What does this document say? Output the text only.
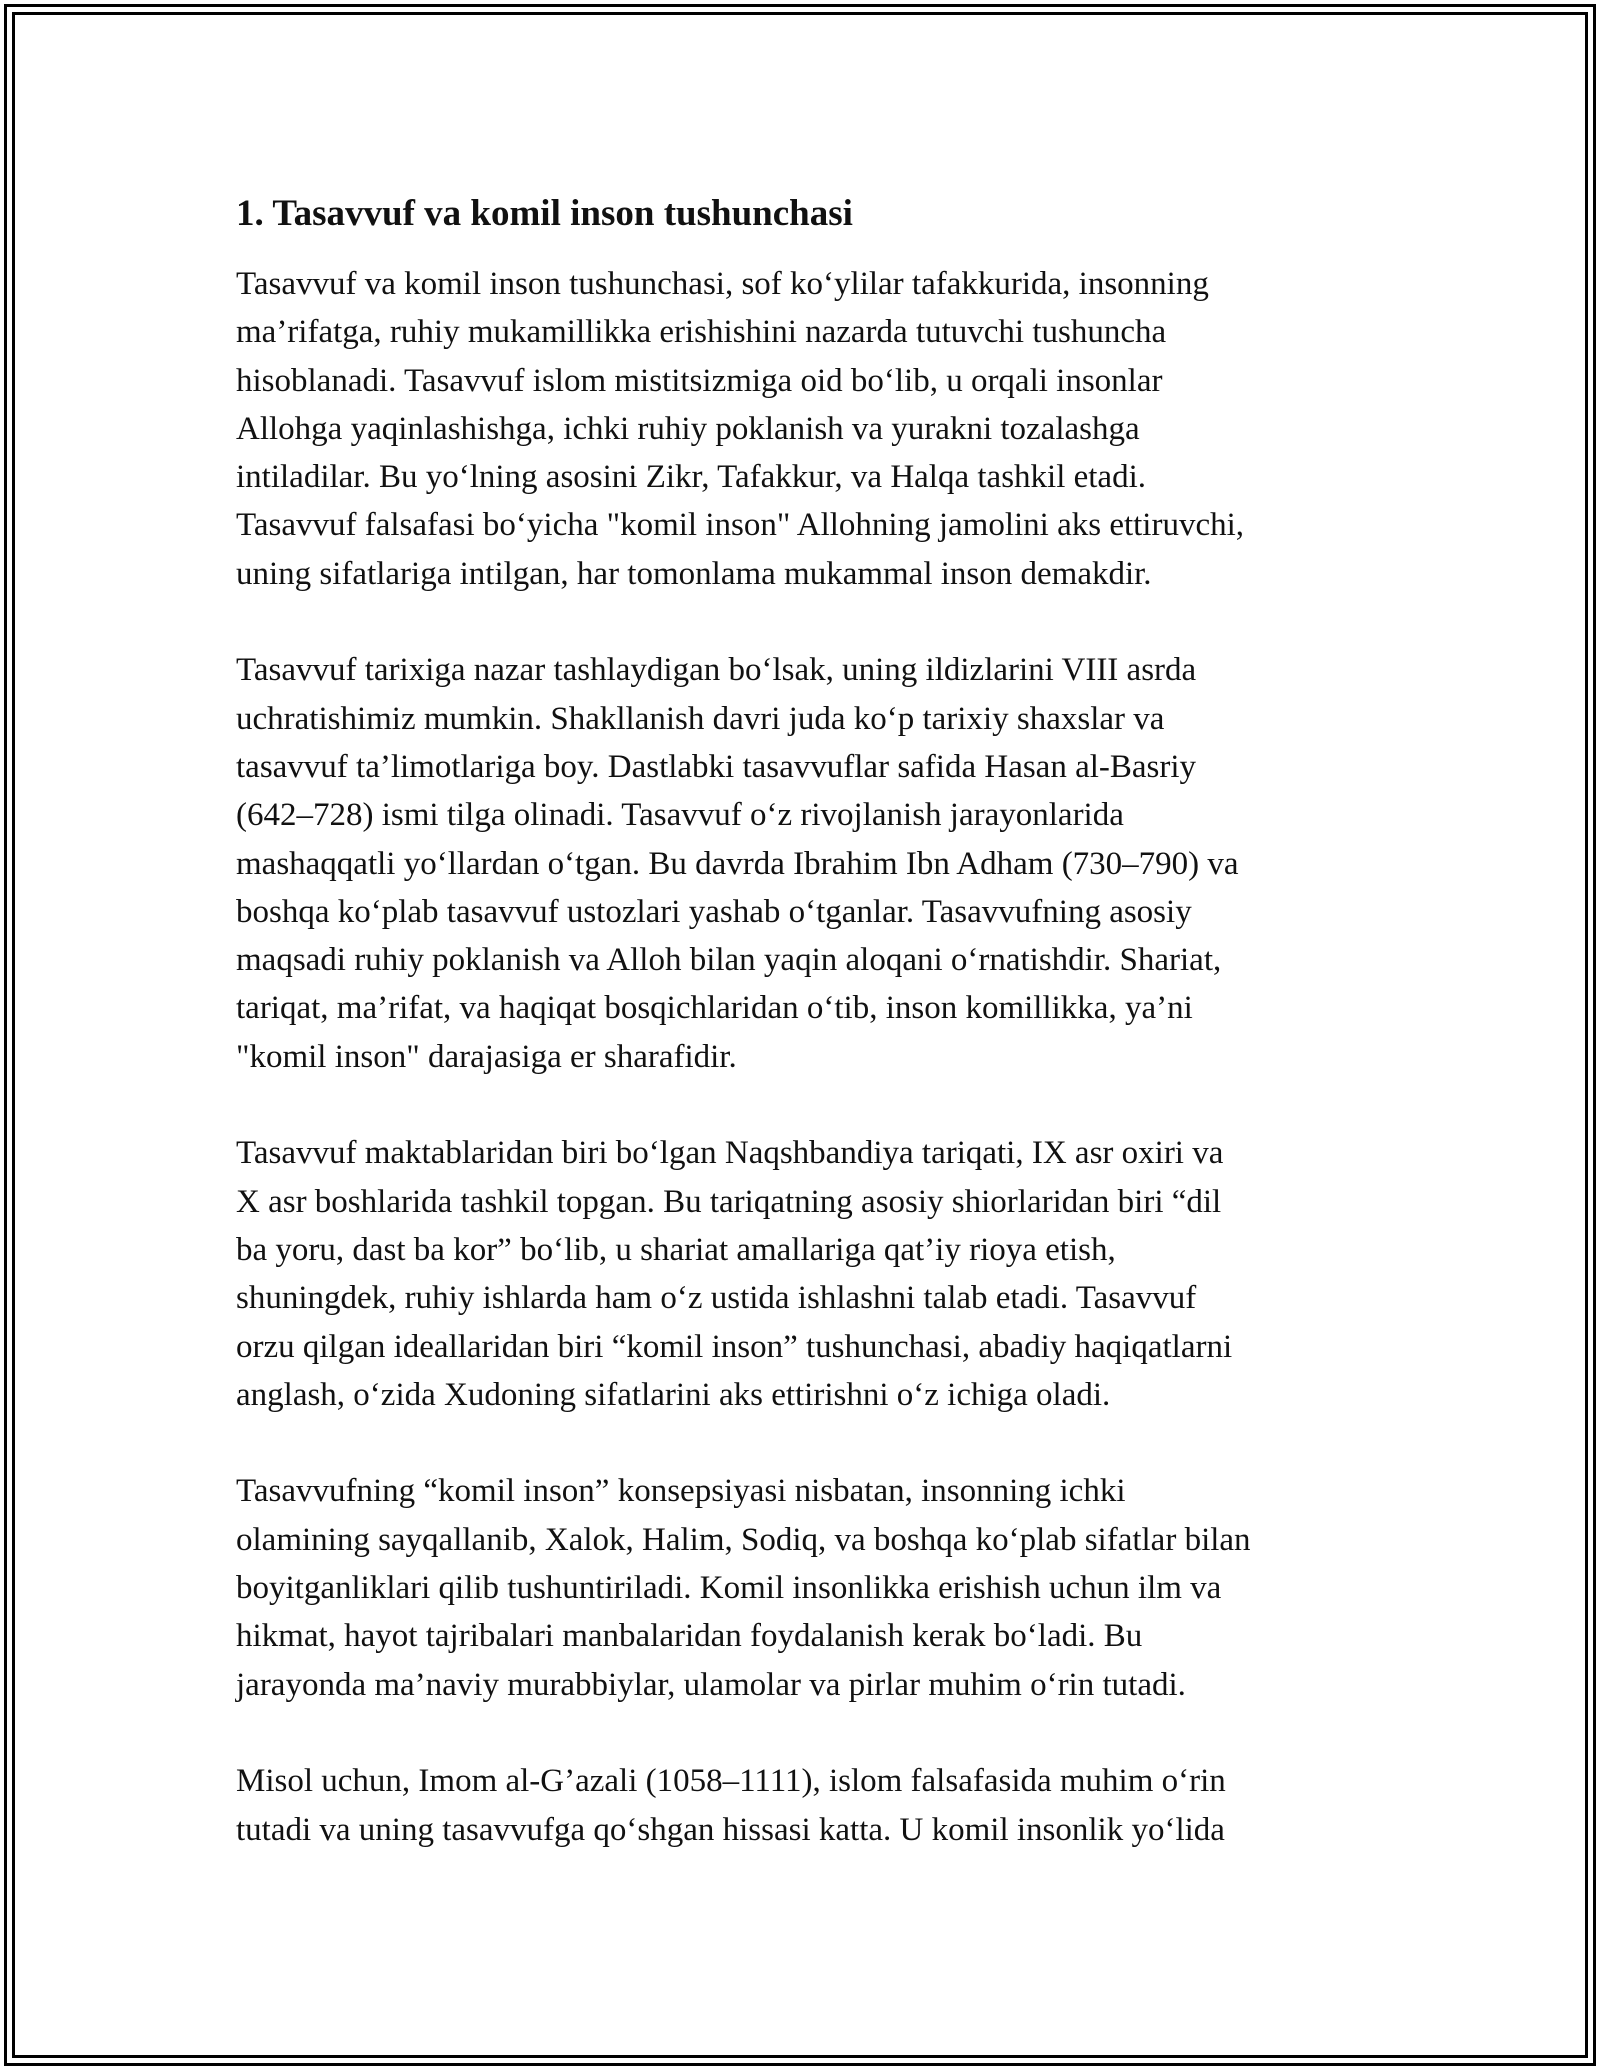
1. Tasavvuf va komil inson tushunchasi
Tasavvuf va komil inson tushunchasi, sof ko‘ylilar tafakkurida, insonning
ma’rifatga, ruhiy mukamillikka erishishini nazarda tutuvchi tushuncha
hisoblanadi. Tasavvuf islom mistitsizmiga oid bo‘lib, u orqali insonlar
Allohga yaqinlashishga, ichki ruhiy poklanish va yurakni tozalashga
intiladilar. Bu yo‘lning asosini Zikr, Tafakkur, va Halqa tashkil etadi.
Tasavvuf falsafasi bo‘yicha "komil inson" Allohning jamolini aks ettiruvchi,
uning sifatlariga intilgan, har tomonlama mukammal inson demakdir.
Tasavvuf tarixiga nazar tashlaydigan bo‘lsak, uning ildizlarini VIII asrda
uchratishimiz mumkin. Shakllanish davri juda ko‘p tarixiy shaxslar va
tasavvuf ta’limotlariga boy. Dastlabki tasavvuflar safida Hasan al-Basriy
(642–728) ismi tilga olinadi. Tasavvuf o‘z rivojlanish jarayonlarida
mashaqqatli yo‘llardan o‘tgan. Bu davrda Ibrahim Ibn Adham (730–790) va
boshqa ko‘plab tasavvuf ustozlari yashab o‘tganlar. Tasavvufning asosiy
maqsadi ruhiy poklanish va Alloh bilan yaqin aloqani o‘rnatishdir. Shariat,
tariqat, ma’rifat, va haqiqat bosqichlaridan o‘tib, inson komillikka, ya’ni
"komil inson" darajasiga er sharafidir.
Tasavvuf maktablaridan biri bo‘lgan Naqshbandiya tariqati, IX asr oxiri va
X asr boshlarida tashkil topgan. Bu tariqatning asosiy shiorlaridan biri “dil
ba yoru, dast ba kor” bo‘lib, u shariat amallariga qat’iy rioya etish,
shuningdek, ruhiy ishlarda ham o‘z ustida ishlashni talab etadi. Tasavvuf
orzu qilgan ideallaridan biri “komil inson” tushunchasi, abadiy haqiqatlarni
anglash, o‘zida Xudoning sifatlarini aks ettirishni o‘z ichiga oladi.
Tasavvufning “komil inson” konsepsiyasi nisbatan, insonning ichki
olamining sayqallanib, Xalok, Halim, Sodiq, va boshqa ko‘plab sifatlar bilan
boyitganliklari qilib tushuntiriladi. Komil insonlikka erishish uchun ilm va
hikmat, hayot tajribalari manbalaridan foydalanish kerak bo‘ladi. Bu
jarayonda ma’naviy murabbiylar, ulamolar va pirlar muhim o‘rin tutadi.
Misol uchun, Imom al-G’azali (1058–1111), islom falsafasida muhim o‘rin
tutadi va uning tasavvufga qo‘shgan hissasi katta. U komil insonlik yo‘lida
